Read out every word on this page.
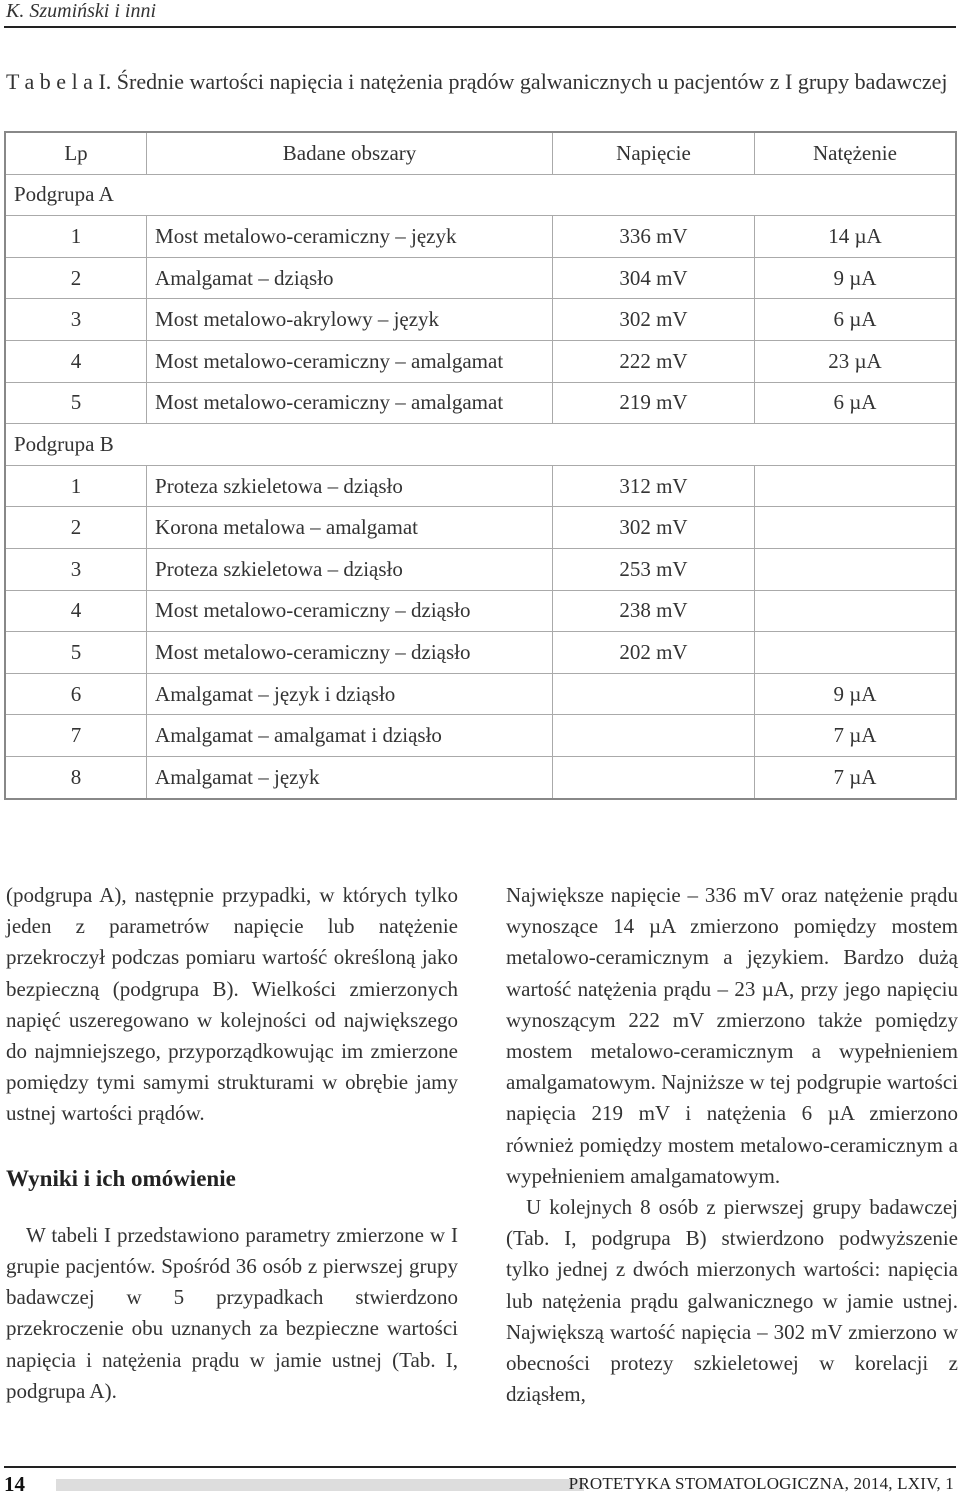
K. Szumiński i inni
T a b e l a I. Średnie wartości napięcia i natężenia prądów galwanicznych u pacjentów z I grupy badawczej
Lp	Badane obszary	Napięcie	Natężenie
Podgrupa A			
1	Most metalowo-ceramiczny – język	336 mV	14 µA
2	Amalgamat – dziąsło	304 mV	9 µA
3	Most metalowo-akrylowy – język	302 mV	6 µA
4	Most metalowo-ceramiczny – amalgamat	222 mV	23 µA
5	Most metalowo-ceramiczny – amalgamat	219 mV	6 µA
Podgrupa B			
1	Proteza szkieletowa – dziąsło	312 mV	
2	Korona metalowa – amalgamat	302 mV	
3	Proteza szkieletowa – dziąsło	253 mV	
4	Most metalowo-ceramiczny – dziąsło	238 mV	
5	Most metalowo-ceramiczny – dziąsło	202 mV	
6	Amalgamat – język i dziąsło		9 µA
7	Amalgamat – amalgamat i dziąsło		7 µA
8	Amalgamat – język		7 µA

(podgrupa A), następnie przypadki, w których tylko jeden z parametrów napięcie lub natężenie przekroczył podczas pomiaru wartość określoną jako bezpieczną (podgrupa B). Wielkości zmierzonych napięć uszeregowano w kolejności od największego do najmniejszego, przyporządkowując im zmierzone pomiędzy tymi samymi strukturami w obrębie jamy ustnej wartości prądów.

Wyniki i ich omówienie

W tabeli I przedstawiono parametry zmierzone w I grupie pacjentów. Spośród 36 osób z pierwszej grupy badawczej w 5 przypadkach stwierdzono przekroczenie obu uznanych za bezpieczne wartości napięcia i natężenia prądu w jamie ustnej (Tab. I, podgrupa A).

Największe napięcie – 336 mV oraz natężenie prądu wynoszące 14 µA zmierzono pomiędzy mostem metalowo-ceramicznym a językiem. Bardzo dużą wartość natężenia prądu – 23 µA, przy jego napięciu wynoszącym 222 mV zmierzono także pomiędzy mostem metalowo-ceramicznym a wypełnieniem amalgamatowym. Najniższe w tej podgrupie wartości napięcia 219 mV i natężenia 6 µA zmierzono również pomiędzy mostem metalowo-ceramicznym a wypełnieniem amalgamatowym.

U kolejnych 8 osób z pierwszej grupy badawczej (Tab. I, podgrupa B) stwierdzono podwyższenie tylko jednej z dwóch mierzonych wartości: napięcia lub natężenia prądu galwanicznego w jamie ustnej. Największą wartość napięcia – 302 mV zmierzono w obecności protezy szkieletowej w korelacji z dziąsłem,

14	PROTETYKA STOMATOLOGICZNA, 2014, LXIV, 1
